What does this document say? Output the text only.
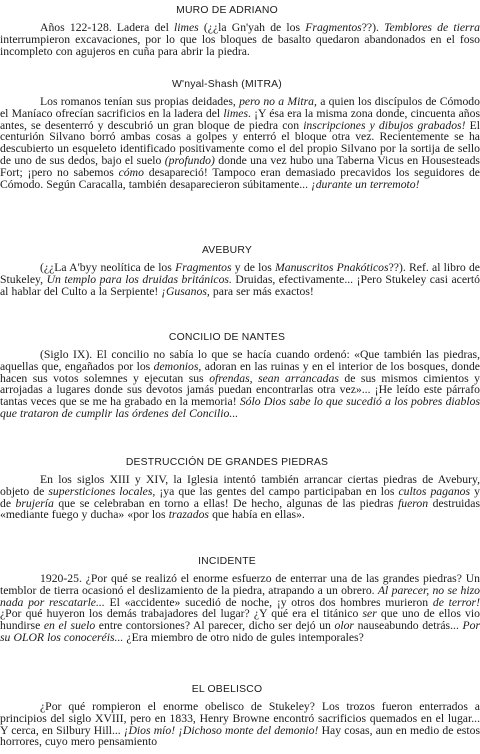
MURO DE ADRIANO

Años 122-128. Ladera del limes (¿¿la Gn'yah de los Fragmentos??). Temblores de tierra interrumpieron excavaciones, por lo que los bloques de basalto quedaron abandonados en el foso incompleto con agujeros en cuña para abrir la piedra.

W'nyal-Shash (MITRA)

Los romanos tenían sus propias deidades, pero no a Mitra, a quien los discípulos de Cómodo el Maníaco ofrecían sacrificios en la ladera del limes. ¡Y ésa era la misma zona donde, cincuenta años antes, se desenterró y descubrió un gran bloque de piedra con inscripciones y dibujos grabados! El centurión Silvano borró ambas cosas a golpes y enterró el bloque otra vez. Recientemente se ha descubierto un esqueleto identificado positivamente como el del propio Silvano por la sortija de sello de uno de sus dedos, bajo el suelo (profundo) donde una vez hubo una Taberna Vicus en Housesteads Fort; ¡pero no sabemos cómo desapareció! Tampoco eran demasiado precavidos los seguidores de Cómodo. Según Caracalla, también desaparecieron súbitamente... ¡durante un terremoto!

AVEBURY

(¿¿La A'byy neolítica de los Fragmentos y de los Manuscritos Pnakóticos??). Ref. al libro de Stukeley, Un templo para los druidas británicos. Druidas, efectivamente... ¡Pero Stukeley casi acertó al hablar del Culto a la Serpiente! ¡Gusanos, para ser más exactos!

CONCILIO DE NANTES

(Siglo IX). El concilio no sabía lo que se hacía cuando ordenó: «Que también las piedras, aquellas que, engañados por los demonios, adoran en las ruinas y en el interior de los bosques, donde hacen sus votos solemnes y ejecutan sus ofrendas, sean arrancadas de sus mismos cimientos y arrojadas a lugares donde sus devotos jamás puedan encontrarlas otra vez»... ¡He leído este párrafo tantas veces que se me ha grabado en la memoria! Sólo Dios sabe lo que sucedió a los pobres diablos que trataron de cumplir las órdenes del Concilio...

DESTRUCCIÓN DE GRANDES PIEDRAS

En los siglos XIII y XIV, la Iglesia intentó también arrancar ciertas piedras de Avebury, objeto de supersticiones locales, ¡ya que las gentes del campo participaban en los cultos paganos y de brujería que se celebraban en torno a ellas! De hecho, algunas de las piedras fueron destruidas «mediante fuego y ducha» «por los trazados que había en ellas».

INCIDENTE

1920-25. ¿Por qué se realizó el enorme esfuerzo de enterrar una de las grandes piedras? Un temblor de tierra ocasionó el deslizamiento de la piedra, atrapando a un obrero. Al parecer, no se hizo nada por rescatarle... El «accidente» sucedió de noche, ¡y otros dos hombres murieron de terror! ¿Por qué huyeron los demás trabajadores del lugar? ¿Y qué era el titánico ser que uno de ellos vio hundirse en el suelo entre contorsiones? Al parecer, dicho ser dejó un olor nauseabundo detrás... Por su OLOR los conoceréis... ¿Era miembro de otro nido de gules intemporales?

EL OBELISCO

¿Por qué rompieron el enorme obelisco de Stukeley? Los trozos fueron enterrados a principios del siglo XVIII, pero en 1833, Henry Browne encontró sacrificios quemados en el lugar... Y cerca, en Silbury Hill... ¡Dios mío! ¡Dichoso monte del demonio! Hay cosas, aun en medio de estos horrores, cuyo mero pensamiento
